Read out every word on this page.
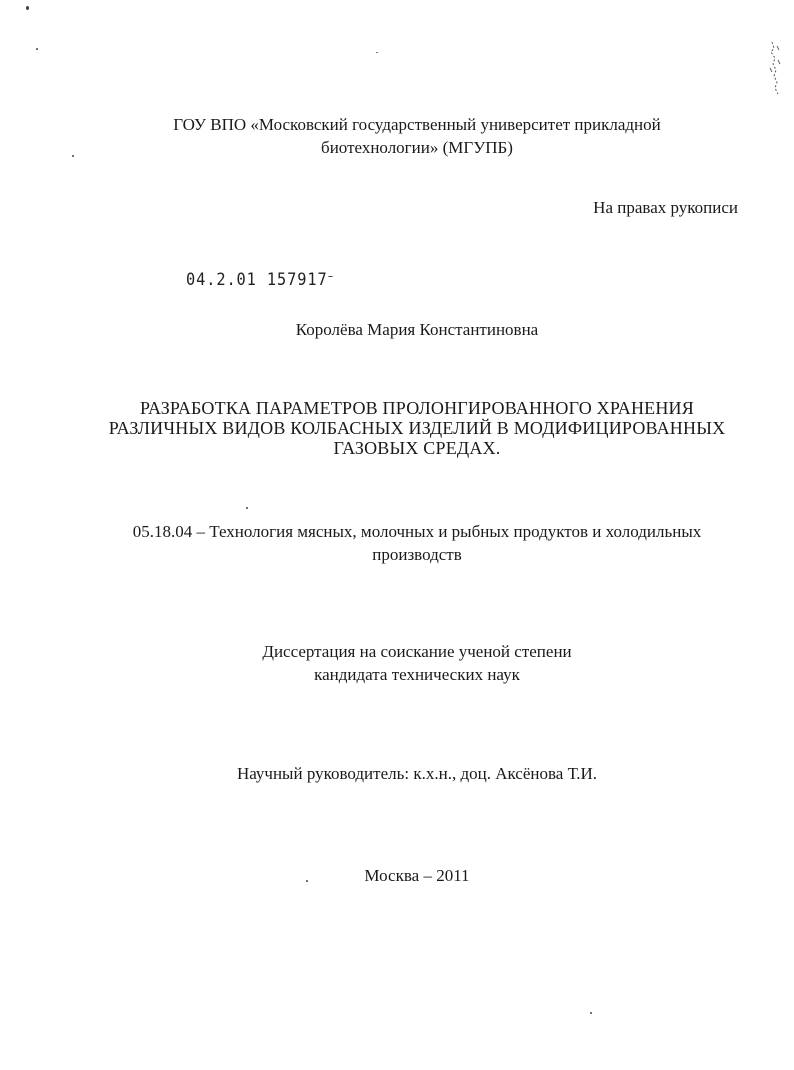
ГОУ ВПО «Московский государственный университет прикладной
биотехнологии» (МГУПБ)
На правах рукописи
04.2.01 157917
Королёва Мария Константиновна
РАЗРАБОТКА ПАРАМЕТРОВ ПРОЛОНГИРОВАННОГО ХРАНЕНИЯ
РАЗЛИЧНЫХ ВИДОВ КОЛБАСНЫХ ИЗДЕЛИЙ В МОДИФИЦИРОВАННЫХ
ГАЗОВЫХ СРЕДАХ.
05.18.04 – Технология мясных, молочных и рыбных продуктов и холодильных
производств
Диссертация на соискание ученой степени
кандидата технических наук
Научный руководитель: к.х.н., доц. Аксёнова Т.И.
Москва – 2011
